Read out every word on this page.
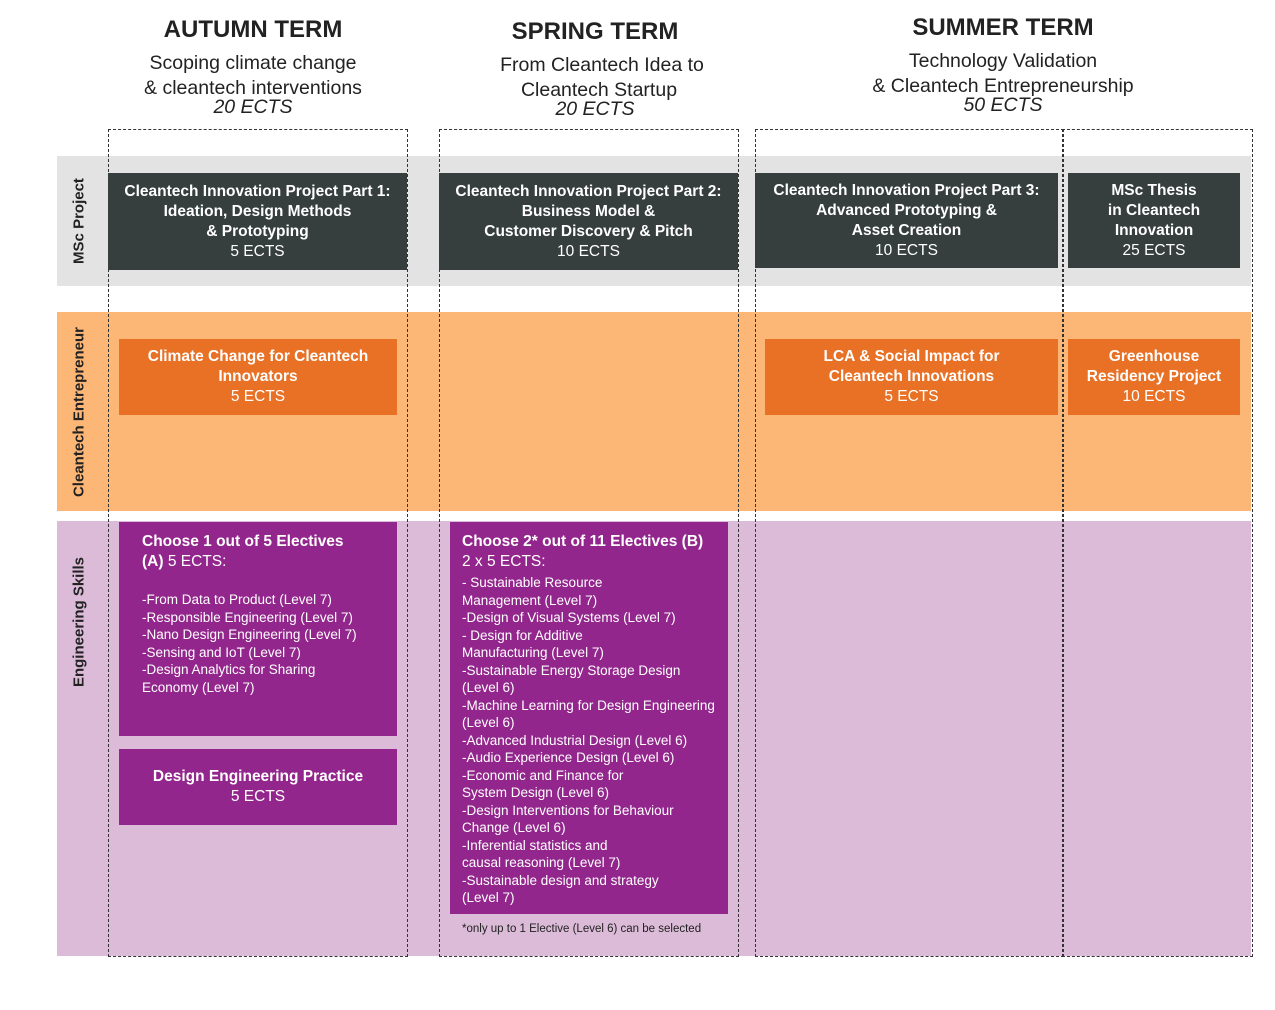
AUTUMN TERM
Scoping climate change
& cleantech interventions
20 ECTS
SPRING TERM
From Cleantech Idea to
Cleantech Startup
20 ECTS
SUMMER TERM
Technology Validation
& Cleantech Entrepreneurship
50 ECTS
MSc Project
Cleantech Entrepreneur
Engineering Skills
Cleantech Innovation Project Part 1:
Ideation, Design Methods
& Prototyping
5 ECTS
Cleantech Innovation Project Part 2:
Business Model &
Customer Discovery & Pitch
10 ECTS
Cleantech Innovation Project Part 3:
Advanced Prototyping &
Asset Creation
10 ECTS
MSc Thesis
in Cleantech
Innovation
25 ECTS
Climate Change for Cleantech
Innovators
5 ECTS
LCA & Social Impact for
Cleantech Innovations
5 ECTS
Greenhouse
Residency Project
10 ECTS
Choose 1 out of 5 Electives
(A) 5 ECTS:
-From Data to Product (Level 7)
-Responsible Engineering (Level 7)
-Nano Design Engineering (Level 7)
-Sensing and IoT (Level 7)
-Design Analytics for Sharing
Economy (Level 7)
Design Engineering Practice
5 ECTS
Choose 2* out of 11 Electives (B)
2 x 5 ECTS:
- Sustainable Resource
Management (Level 7)
-Design of Visual Systems (Level 7)
- Design for Additive
Manufacturing (Level 7)
-Sustainable Energy Storage Design
(Level 6)
-Machine Learning for Design Engineering
(Level 6)
-Advanced Industrial Design (Level 6)
-Audio Experience Design (Level 6)
-Economic and Finance for
System Design (Level 6)
-Design Interventions for Behaviour
Change (Level 6)
-Inferential statistics and
causal reasoning (Level 7)
-Sustainable design and strategy
(Level 7)
*only up to 1 Elective (Level 6) can be selected
